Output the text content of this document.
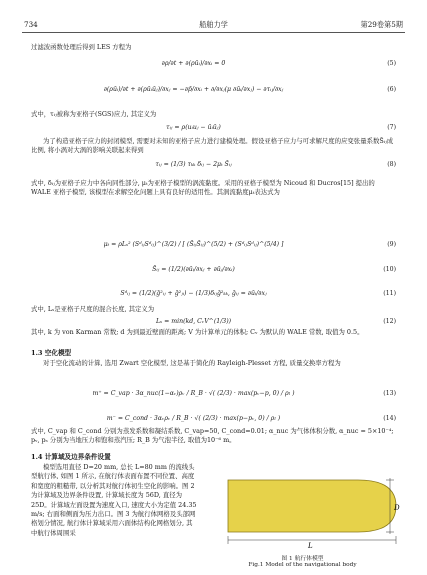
734	船舶力学	第29卷第5期
过滤波函数处理后得到 LES 方程为
∂ρ/∂t + ∂(ρūᵢ)/∂xᵢ = 0	(5)
∂(ρūᵢ)/∂t + ∂(ρūᵢūⱼ)/∂xⱼ = −∂p̄/∂xᵢ + ∂/∂xⱼ(μ ∂ūᵢ/∂xⱼ) − ∂τᵢⱼ/∂xⱼ	(6)
式中，τᵢⱼ被称为亚格子(SGS)应力, 其定义为
τᵢⱼ = ρ(uᵢuⱼ − ūᵢūⱼ)	(7)
为了构造亚格子应力的封闭模型, 需要对未知的亚格子应力进行建模处理。假设亚格子应力与可求解尺度的应变张量系数S̄ᵢⱼ成比例, 将小涡对大涡的影响关联起来得到
τᵢⱼ = (1/3) τₖₖ δᵢⱼ − 2μₜ S̄ᵢⱼ	(8)
式中, δᵢⱼ为亚格子应力中各向同性部分, μₜ为亚格子模型的涡流黏度。采用的亚格子模型为 Nicoud 和 Ducros[15] 提出的 WALE 亚格子模型, 该模型在求解空化问题上具有良好的适用性。其涡流黏度μₜ表达式为
μₜ = ρLₛ² (SᵈᵢⱼSᵈᵢⱼ)^(3/2) / [ (S̄ᵢⱼS̄ᵢⱼ)^(5/2) + (SᵈᵢⱼSᵈᵢⱼ)^(5/4) ]	(9)
S̄ᵢⱼ = (1/2)(∂ūᵢ/∂xⱼ + ∂ūⱼ/∂xᵢ)	(10)
Sᵈᵢⱼ = (1/2)(ḡ²ᵢⱼ + ḡ²ⱼᵢ) − (1/3)δᵢⱼḡ²ₖₖ, ḡᵢⱼ = ∂ūᵢ/∂xⱼ	(11)
式中, Lₛ是亚格子尺度的混合长度, 其定义为
Lₛ = min(kd, CᵥV^(1/3))	(12)
其中, k 为 von Karman 常数; d 为到最近壁面的距离; V 为计算单元的体积; Cᵥ 为默认的 WALE 常数, 取值为 0.5。
1.3 空化模型
对于空化流动的计算, 选用 Zwart 空化模型, 这是基于简化的 Rayleigh-Plesset 方程, 质量交换率方程为
m⁺ = C_vap · 3α_nuc(1−αᵥ)ρᵥ / R_B · √( (2/3) · max(pᵥ−p, 0) / ρₗ )	(13)
m⁻ = C_cond · 3αᵥρᵥ / R_B · √( (2/3) · max(p−pᵥ, 0) / ρₗ )	(14)
式中, C_vap 和 C_cond 分别为蒸发系数和凝结系数, C_vap=50, C_cond=0.01; α_nuc 为气体体积分数, α_nuc = 5×10⁻⁴; pᵥ, pₛ 分别为当地压力和饱和蒸汽压; R_B 为气泡半径, 取值为10⁻⁶ m。
1.4 计算域及边界条件设置
模型选用直径 D=20 mm, 总长 L=80 mm 的流线头型航行体, 如图 1 所示, 在航行体表面布置不同位置、高度和宽度的粗糙带, 以分析其对航行体初生空化的影响。图 2 为计算域及边界条件设置, 计算域长度为 56D, 直径为 25D。计算域左面设置为速度入口, 速度大小为定值 24.35 m/s; 右面和侧面为压力出口。图 3 为航行体网格及头部网格划分情况, 航行体计算域采用六面体结构化网格划分, 其中航行体周围采
D
L
图 1 航行体模型
Fig.1 Model of the navigational body
